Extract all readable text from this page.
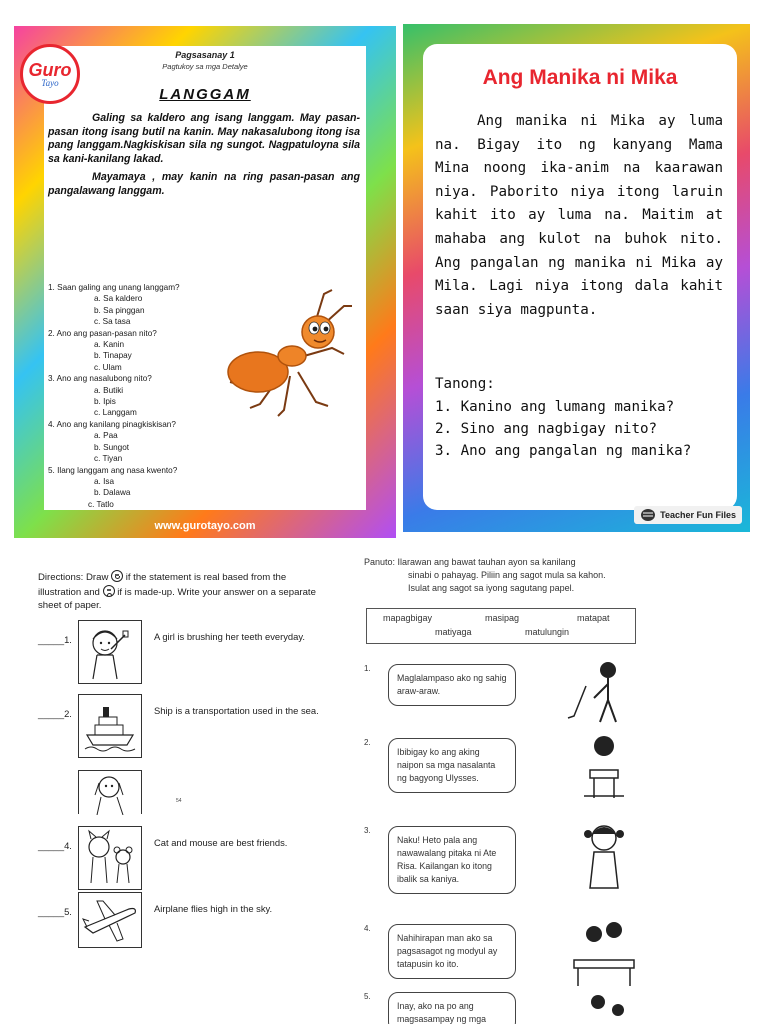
Pagsasanay 1
Pagtukoy sa mga Detalye
LANGGAM

Galing sa kaldero ang isang langgam. May pasan-pasan itong isang butil na kanin. May nakasalubong itong isa pang langgam.Nagkiskisan sila ng sungot. Nagpatuloyna sila sa kani-kanilang lakad.

Mayamaya , may kanin na ring pasan-pasan ang pangalawang langgam.

1. Saan galing ang unang langgam?
a. Sa kaldero
b. Sa pinggan
c. Sa tasa
2. Ano ang pasan-pasan nito?
a. Kanin
b. Tinapay
c. Ulam
3. Ano ang nasalubong nito?
a. Butiki
b. Ipis
c. Langgam
4. Ano ang kanilang pinagkiskisan?
a. Paa
b. Sungot
c. Tiyan
5. Ilang langgam ang nasa kwento?
a. Isa
b. Dalawa
c. Tatlo
Guro
Tayo
www.gurotayo.com
Ang Manika ni Mika
Ang manika ni Mika ay luma na. Bigay ito ng kanyang Mama Mina noong ika-anim na kaarawan niya. Paborito niya itong laruin kahit ito ay luma na. Maitim at mahaba ang kulot na buhok nito. Ang pangalan ng manika ni Mika ay Mila. Lagi niya itong dala kahit saan siya magpunta.
Tanong:
1. Kanino ang lumang manika?
2. Sino ang nagbigay nito?
3. Ano ang pangalan ng manika?
Teacher Fun Files
Directions: Draw if the statement is real based from the illustration and if is made-up. Write your answer on a separate sheet of paper.
_____1.	A girl is brushing her teeth everyday.
_____2.	Ship is a transportation used in the sea.
54
_____4.	Cat and mouse are best friends.
_____5.	Airplane flies high in the sky.
Panuto: Ilarawan ang bawat tauhan ayon sa kanilang
sinabi o pahayag. Piliin ang sagot mula sa kahon.
Isulat ang sagot sa iyong sagutang papel.
mapagbigay	masipag	matapat
matiyaga	matulungin
1.
Maglalampaso ako ng sahig araw-araw.
2.
Ibibigay ko ang aking naipon sa mga nasalanta ng bagyong Ulysses.
3.
Naku! Heto pala ang nawawalang pitaka ni Ate Risa. Kailangan ko itong ibalik sa kaniya.
4.
Nahihirapan man ako sa pagsasagot ng modyul ay tatapusin ko ito.
5.
Inay, ako na po ang magsasampay ng mga
